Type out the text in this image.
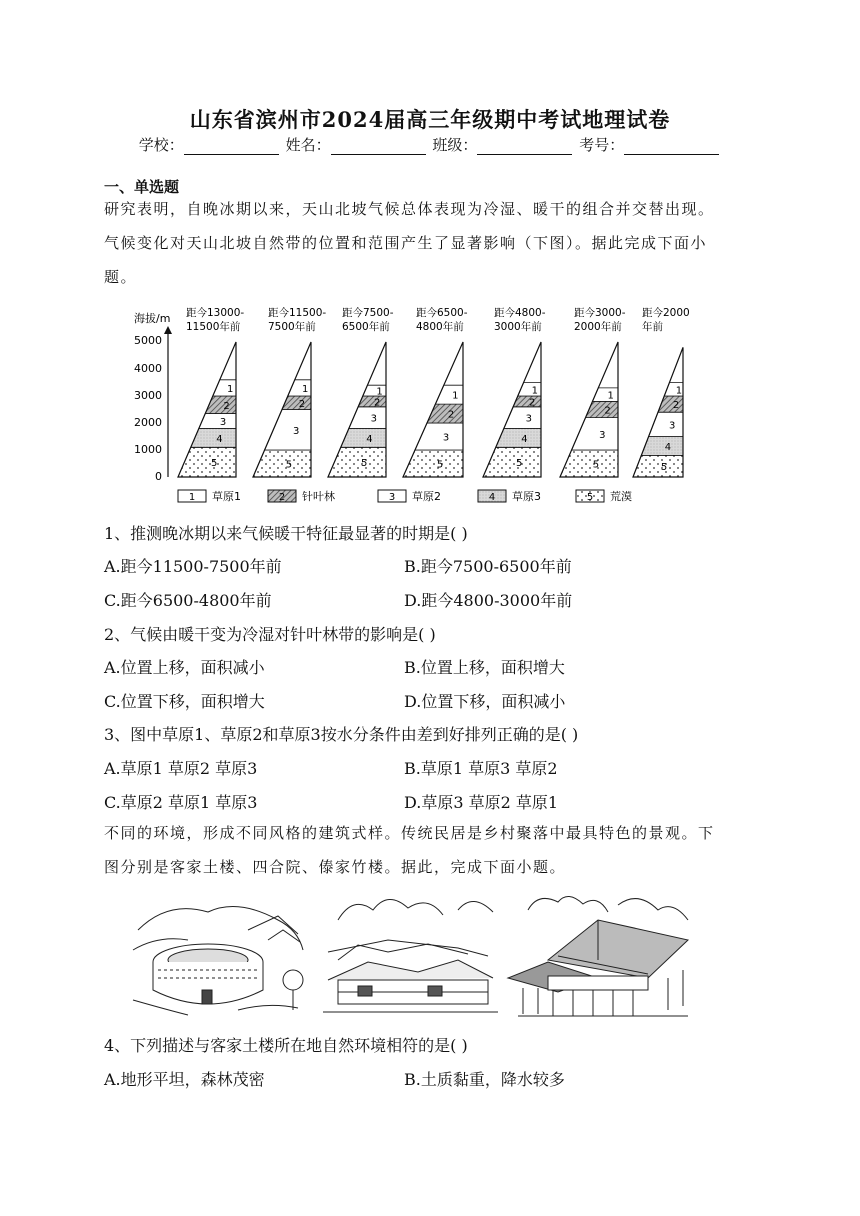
山东省滨州市2024届高三年级期中考试地理试卷
学校：	姓名：	班级：	考号：
一、单选题
研究表明，自晚冰期以来，天山北坡气候总体表现为冷湿、暖干的组合并交替出现。
气候变化对天山北坡自然带的位置和范围产生了显著影响（下图）。据此完成下面小
题。
海拔/m
5000
4000
3000
2000
1000
0
距今13000-
11500年前
距今11500-
7500年前
距今7500-
6500年前
距今6500-
4800年前
距今4800-
3000年前
距今3000-
2000年前
距今2000
年前
5
4
3
2
1
5
3
2
1
5
4
3
2
1
5
3
2
1
5
4
3
2
1
5
3
2
1
5
4
3
2
1
1 草原1	2 针叶林	3 草原2	4 草原3	5 荒漠
1、推测晚冰期以来气候暖干特征最显著的时期是( )
A.距今11500-7500年前	B.距今7500-6500年前
C.距今6500-4800年前	D.距今4800-3000年前
2、气候由暖干变为冷湿对针叶林带的影响是( )
A.位置上移，面积减小	B.位置上移，面积增大
C.位置下移，面积增大	D.位置下移，面积减小
3、图中草原1、草原2和草原3按水分条件由差到好排列正确的是( )
A.草原1 草原2 草原3	B.草原1 草原3 草原2
C.草原2 草原1 草原3	D.草原3 草原2 草原1
不同的环境，形成不同风格的建筑式样。传统民居是乡村聚落中最具特色的景观。下
图分别是客家土楼、四合院、傣家竹楼。据此，完成下面小题。
4、下列描述与客家土楼所在地自然环境相符的是( )
A.地形平坦，森林茂密	B.土质黏重，降水较多
